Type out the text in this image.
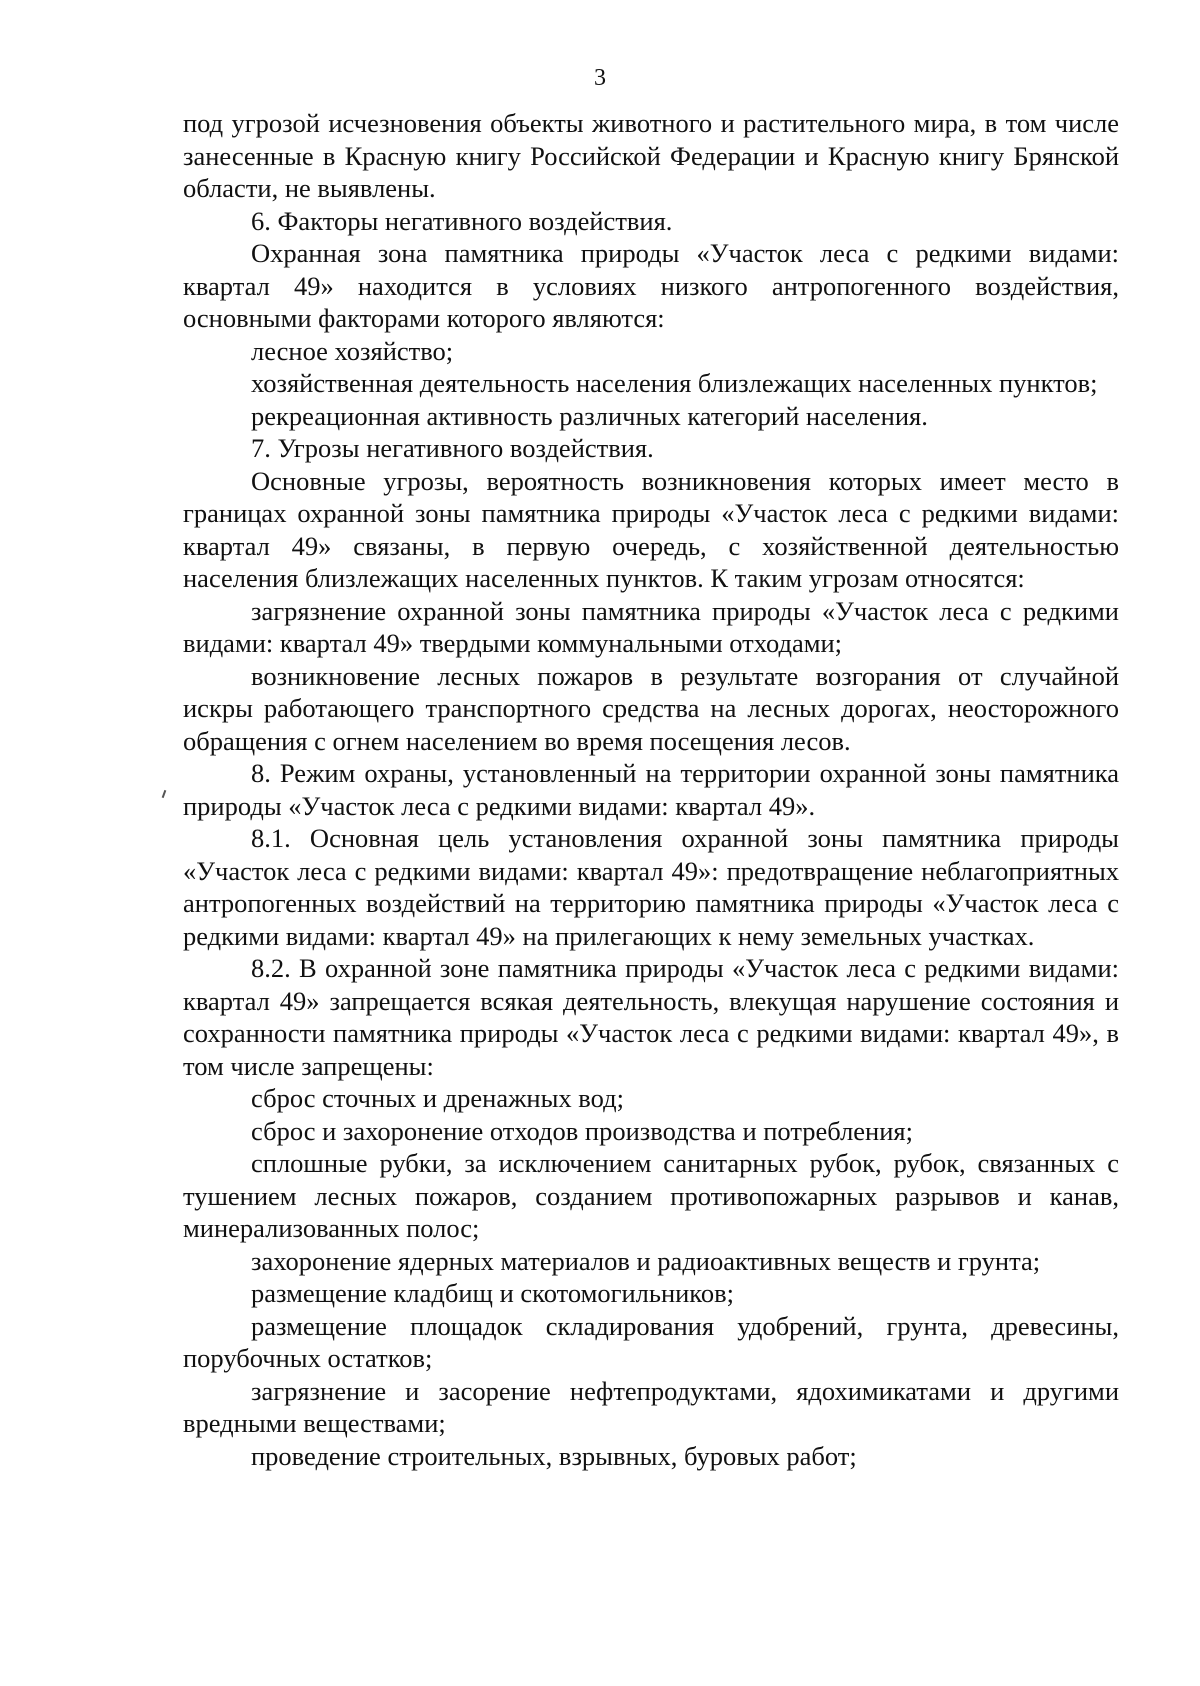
3

под угрозой исчезновения объекты животного и растительного мира, в том числе занесенные в Красную книгу Российской Федерации и Красную книгу Брянской области, не выявлены.

6. Факторы негативного воздействия.

Охранная зона памятника природы «Участок леса с редкими видами: квартал 49» находится в условиях низкого антропогенного воздействия, основными факторами которого являются:

лесное хозяйство;

хозяйственная деятельность населения близлежащих населенных пунктов;

рекреационная активность различных категорий населения.

7. Угрозы негативного воздействия.

Основные угрозы, вероятность возникновения которых имеет место в границах охранной зоны памятника природы «Участок леса с редкими видами: квартал 49» связаны, в первую очередь, с хозяйственной деятельностью населения близлежащих населенных пунктов. К таким угрозам относятся:

загрязнение охранной зоны памятника природы «Участок леса с редкими видами: квартал 49» твердыми коммунальными отходами;

возникновение лесных пожаров в результате возгорания от случайной искры работающего транспортного средства на лесных дорогах, неосторожного обращения с огнем населением во время посещения лесов.

8. Режим охраны, установленный на территории охранной зоны памятника природы «Участок леса с редкими видами: квартал 49».

8.1. Основная цель установления охранной зоны памятника природы «Участок леса с редкими видами: квартал 49»: предотвращение неблагоприятных антропогенных воздействий на территорию памятника природы «Участок леса с редкими видами: квартал 49» на прилегающих к нему земельных участках.

8.2. В охранной зоне памятника природы «Участок леса с редкими видами: квартал 49» запрещается всякая деятельность, влекущая нарушение состояния и сохранности памятника природы «Участок леса с редкими видами: квартал 49», в том числе запрещены:

сброс сточных и дренажных вод;

сброс и захоронение отходов производства и потребления;

сплошные рубки, за исключением санитарных рубок, рубок, связанных с тушением лесных пожаров, созданием противопожарных разрывов и канав, минерализованных полос;

захоронение ядерных материалов и радиоактивных веществ и грунта;

размещение кладбищ и скотомогильников;

размещение площадок складирования удобрений, грунта, древесины, порубочных остатков;

загрязнение и засорение нефтепродуктами, ядохимикатами и другими вредными веществами;

проведение строительных, взрывных, буровых работ;
